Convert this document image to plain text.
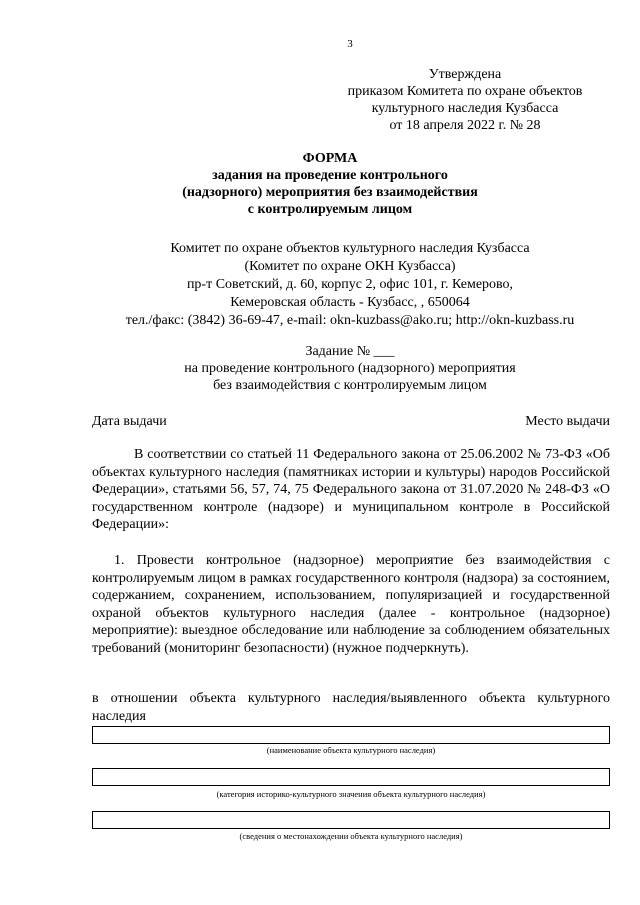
3
Утверждена
приказом Комитета по охране объектов
культурного наследия Кузбасса
от 18 апреля 2022 г. № 28
ФОРМА
задания на проведение контрольного
(надзорного) мероприятия без взаимодействия
с контролируемым лицом
Комитет по охране объектов культурного наследия Кузбасса
(Комитет по охране ОКН Кузбасса)
пр-т Советский, д. 60, корпус 2, офис 101, г. Кемерово,
Кемеровская область - Кузбасс, , 650064
тел./факс: (3842) 36-69-47, e-mail: okn-kuzbass@ako.ru; http://okn-kuzbass.ru
Задание № ___
на проведение контрольного (надзорного) мероприятия
без взаимодействия с контролируемым лицом
Дата выдачи	Место выдачи
В соответствии со статьей 11 Федерального закона от 25.06.2002 № 73-ФЗ «Об объектах культурного наследия (памятниках истории и культуры) народов Российской Федерации», статьями 56, 57, 74, 75 Федерального закона от 31.07.2020 № 248-ФЗ «О государственном контроле (надзоре) и муниципальном контроле в Российской Федерации»:
1. Провести контрольное (надзорное) мероприятие без взаимодействия с контролируемым лицом в рамках государственного контроля (надзора) за состоянием, содержанием, сохранением, использованием, популяризацией и государственной охраной объектов культурного наследия (далее - контрольное (надзорное) мероприятие): выездное обследование или наблюдение за соблюдением обязательных требований (мониторинг безопасности) (нужное подчеркнуть).
в отношении объекта культурного наследия/выявленного объекта культурного наследия
(наименование объекта культурного наследия)
(категория историко-культурного значения объекта культурного наследия)
(сведения о местонахождении объекта культурного наследия)
